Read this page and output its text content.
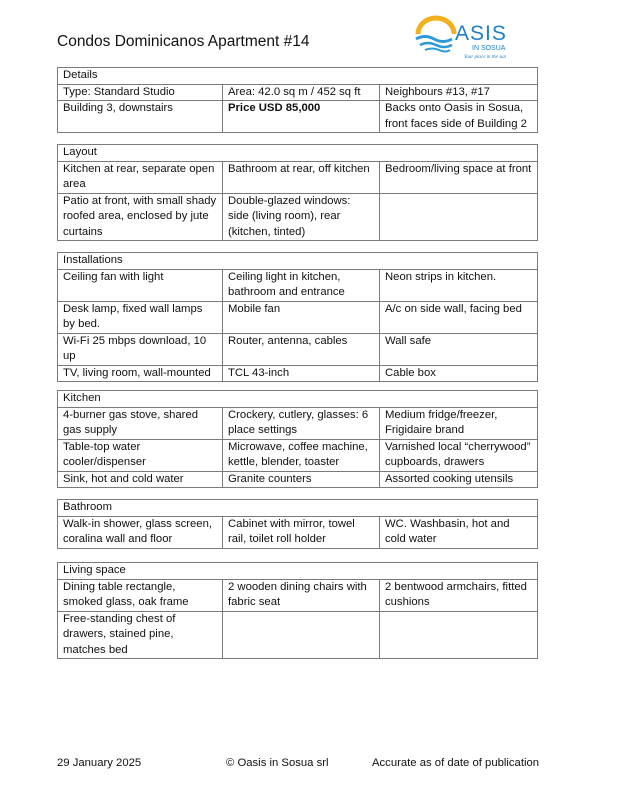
Condos Dominicanos Apartment #14	ASIS
IN SOSUA
Your place in the sun
Details		
Type: Standard Studio	Area: 42.0 sq m / 452 sq ft	Neighbours #13, #17
Building 3, downstairs	Price USD 85,000	Backs onto Oasis in Sosua, front faces side of Building 2
Layout		
Kitchen at rear, separate open area	Bathroom at rear, off kitchen	Bedroom/living space at front
Patio at front, with small shady roofed area, enclosed by jute curtains	Double-glazed windows: side (living room), rear (kitchen, tinted)	
Installations		
Ceiling fan with light	Ceiling light in kitchen, bathroom and entrance	Neon strips in kitchen.
Desk lamp, fixed wall lamps by bed.	Mobile fan	A/c on side wall, facing bed
Wi-Fi 25 mbps download, 10 up	Router, antenna, cables	Wall safe
TV, living room, wall-mounted	TCL 43-inch	Cable box
Kitchen		
4-burner gas stove, shared gas supply	Crockery, cutlery, glasses: 6 place settings	Medium fridge/freezer, Frigidaire brand
Table-top water cooler/dispenser	Microwave, coffee machine, kettle, blender, toaster	Varnished local “cherrywood” cupboards, drawers
Sink, hot and cold water	Granite counters	Assorted cooking utensils
Bathroom
Walk-in shower, glass screen, coralina wall and floor	Cabinet with mirror, towel rail, toilet roll holder	WC. Washbasin, hot and cold water
Living space		
Dining table rectangle, smoked glass, oak frame	2 wooden dining chairs with fabric seat	2 bentwood armchairs, fitted cushions
Free-standing chest of drawers, stained pine, matches bed		
29 January 2025	© Oasis in Sosua srl	Accurate as of date of publication
